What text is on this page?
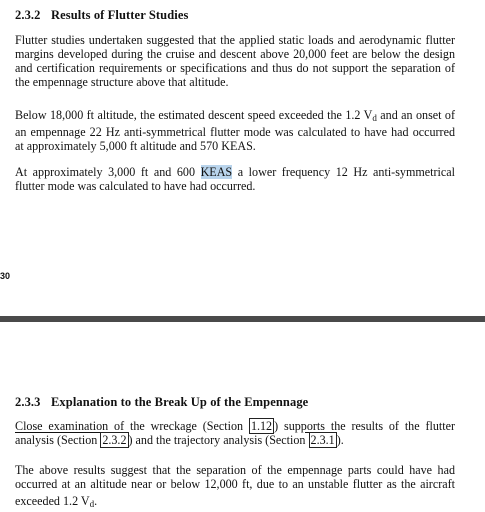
2.3.2 Results of Flutter Studies

Flutter studies undertaken suggested that the applied static loads and aerodynamic flutter
margins developed during the cruise and descent above 20,000 feet are below the design
and certification requirements or specifications and thus do not support the separation of
the empennage structure above that altitude.

Below 18,000 ft altitude, the estimated descent speed exceeded the 1.2 $V_d$ and an onset of
an empennage 22 Hz anti-symmetrical flutter mode was calculated to have had occurred
at approximately 5,000 ft altitude and 570 KEAS.

At approximately 3,000 ft and 600 KEAS a lower frequency 12 Hz anti-symmetrical
flutter mode was calculated to have had occurred.

30
2.3.3 Explanation to the Break Up of the Empennage

Close examination of the wreckage (Section 1.12 ) supports the results of the flutter
analysis (Section 2.3.2 ) and the trajectory analysis (Section 2.3.1 ).

The above results suggest that the separation of the empennage parts could have had
occurred at an altitude near or below 12,000 ft, due to an unstable flutter as the aircraft
exceeded 1.2 $V_d$.
